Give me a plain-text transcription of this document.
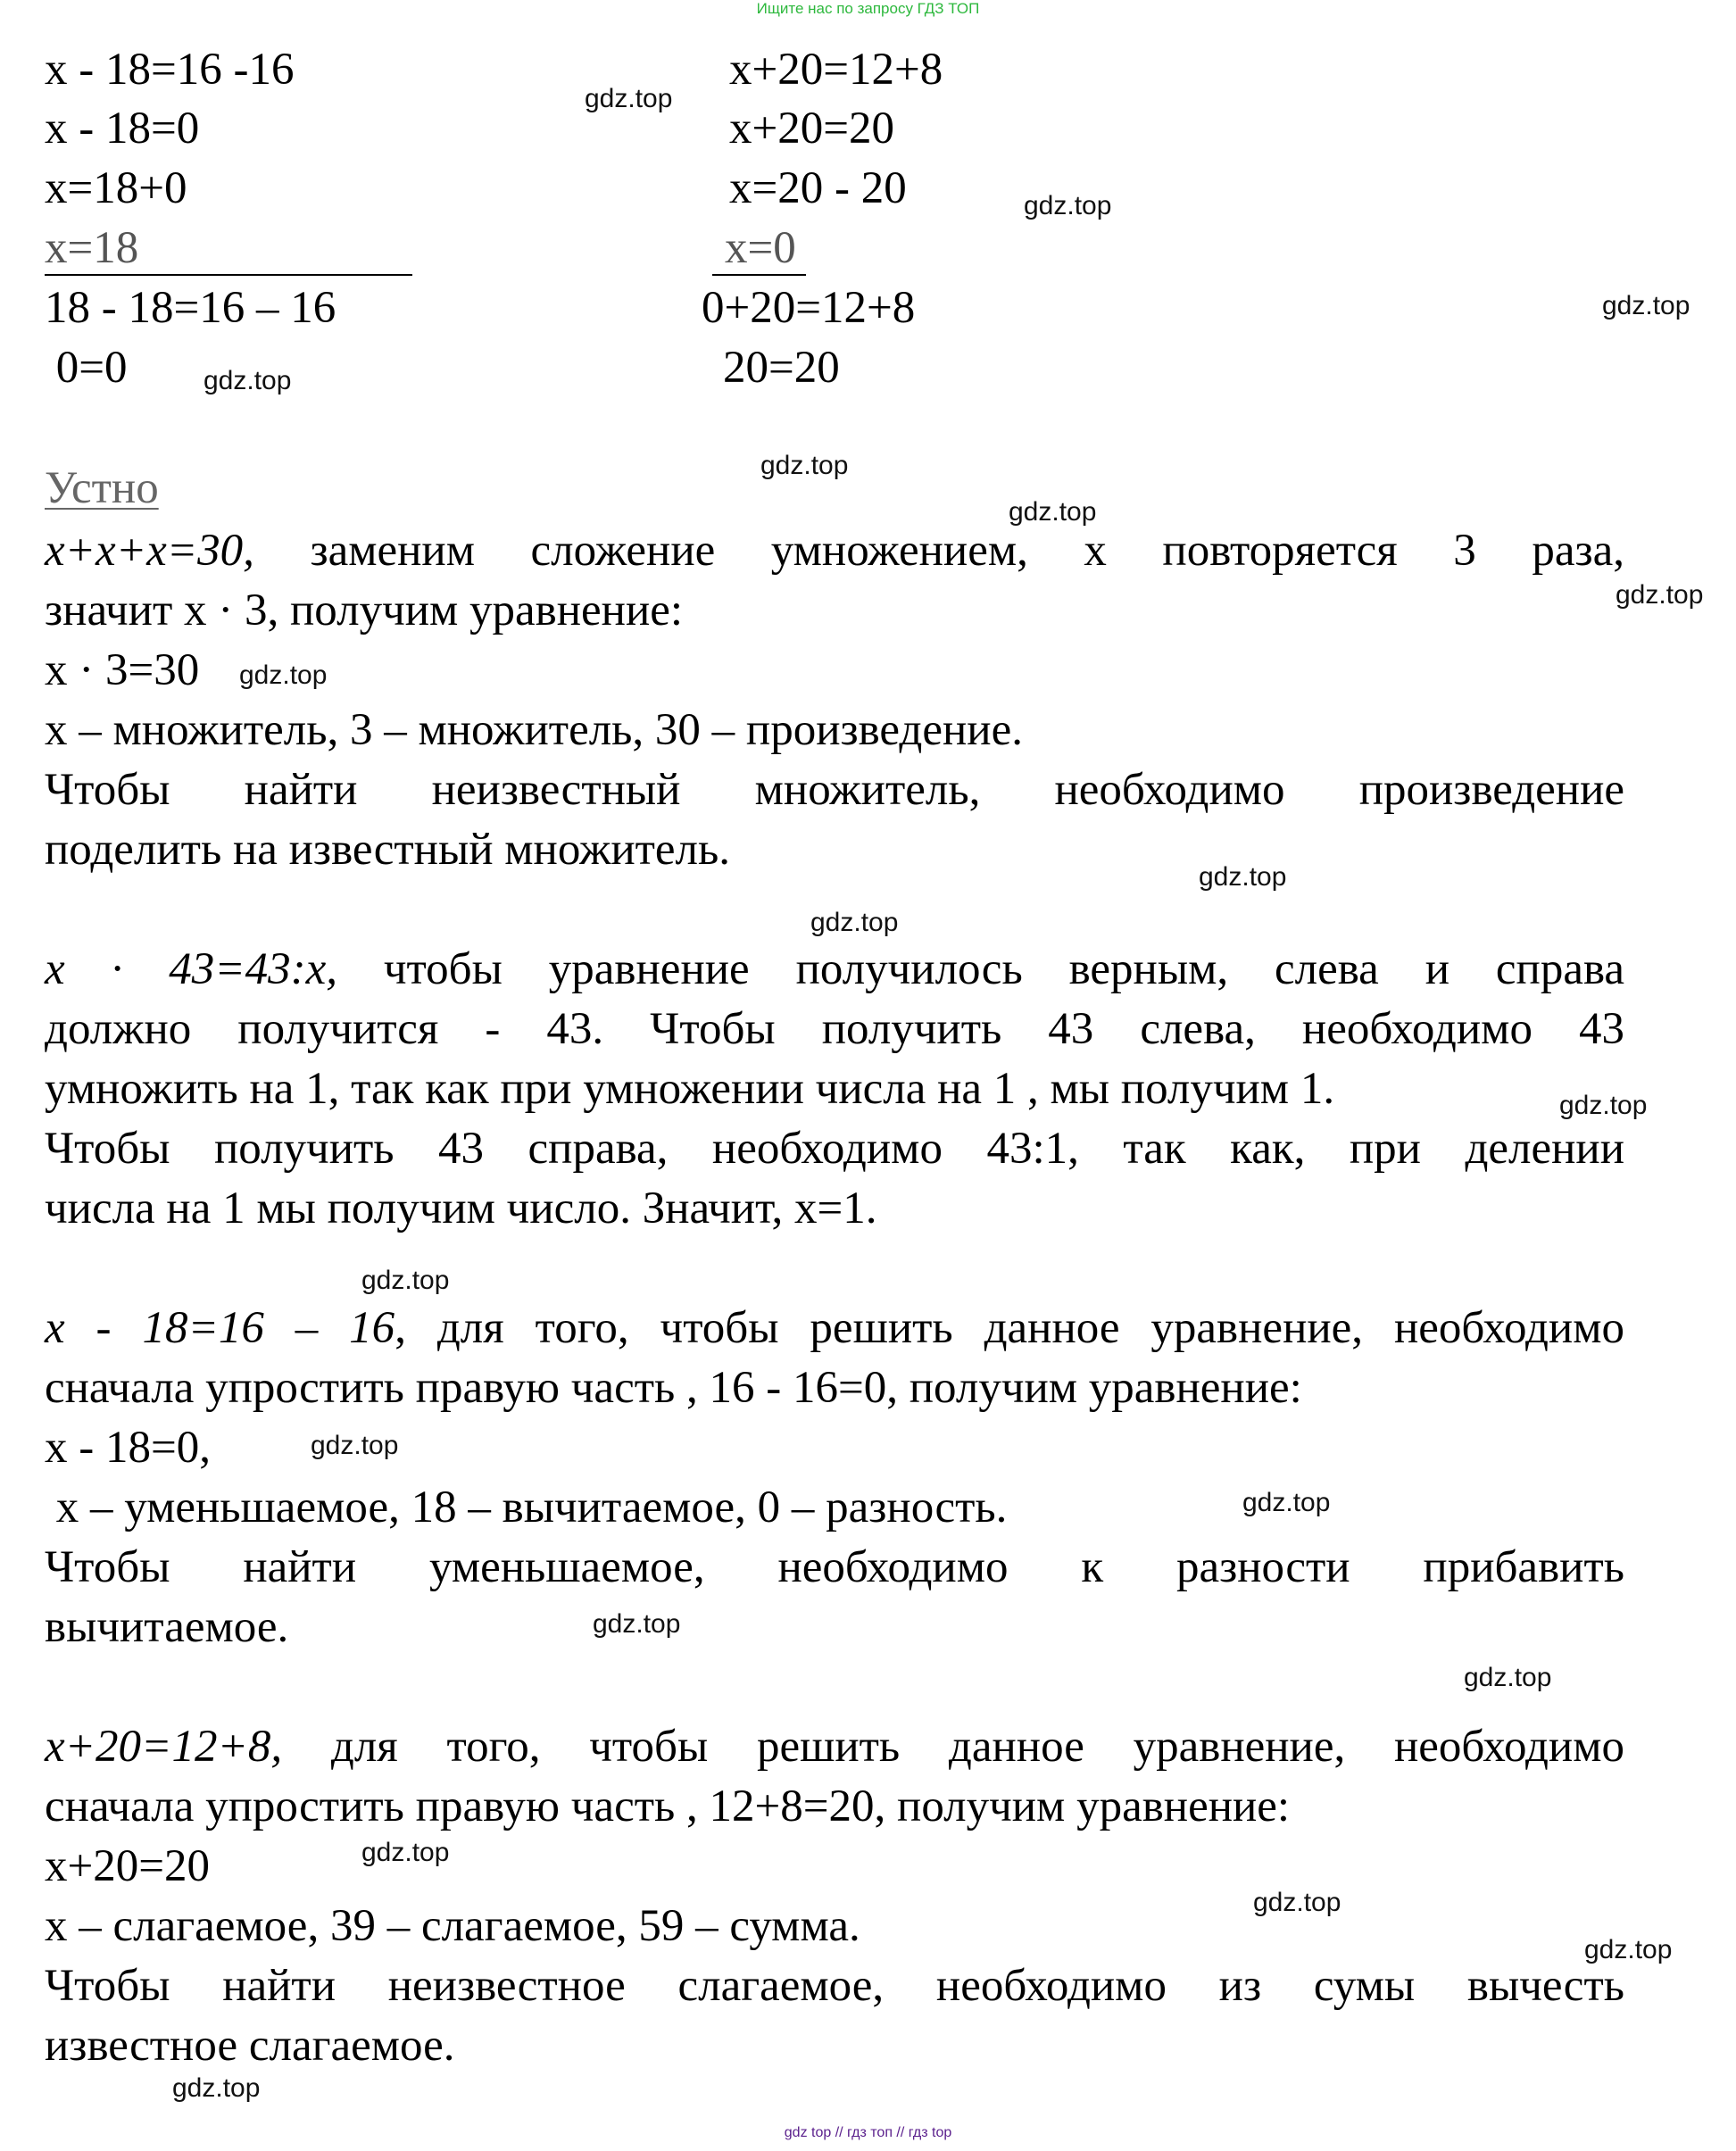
Ищите нас по запросу ГДЗ ТОП
x - 18=16 -16
x - 18=0
x=18+0
x=18
18 - 18=16 – 16
0=0
x+20=12+8
x+20=20
x=20 - 20
x=0
0+20=12+8
20=20
Устно
x+x+x=30, заменим сложение умножением, x повторяется 3 раза,
значит x · 3, получим уравнение:
x · 3=30
x – множитель, 3 – множитель, 30 – произведение.
Чтобы найти неизвестный множитель, необходимо произведение
поделить на известный множитель.
x · 43=43:x, чтобы уравнение получилось верным, слева и справа
должно получится - 43. Чтобы получить 43 слева, необходимо 43
умножить на 1, так как при умножении числа на 1 , мы получим 1.
Чтобы получить 43 справа, необходимо 43:1, так как, при делении
числа на 1 мы получим число. Значит, x=1.
x - 18=16 – 16, для того, чтобы решить данное уравнение, необходимо
сначала упростить правую часть , 16 - 16=0, получим уравнение:
x - 18=0,
x – уменьшаемое, 18 – вычитаемое, 0 – разность.
Чтобы найти уменьшаемое, необходимо к разности прибавить
вычитаемое.
x+20=12+8, для того, чтобы решить данное уравнение, необходимо
сначала упростить правую часть , 12+8=20, получим уравнение:
x+20=20
x – слагаемое, 39 – слагаемое, 59 – сумма.
Чтобы найти неизвестное слагаемое, необходимо из сумы вычесть
известное слагаемое.
gdz.top
gdz.top
gdz.top
gdz.top
gdz.top
gdz.top
gdz.top
gdz.top
gdz.top
gdz.top
gdz.top
gdz.top
gdz.top
gdz.top
gdz.top
gdz.top
gdz.top
gdz.top
gdz.top
gdz.top
gdz top // гдз топ // гдз top
